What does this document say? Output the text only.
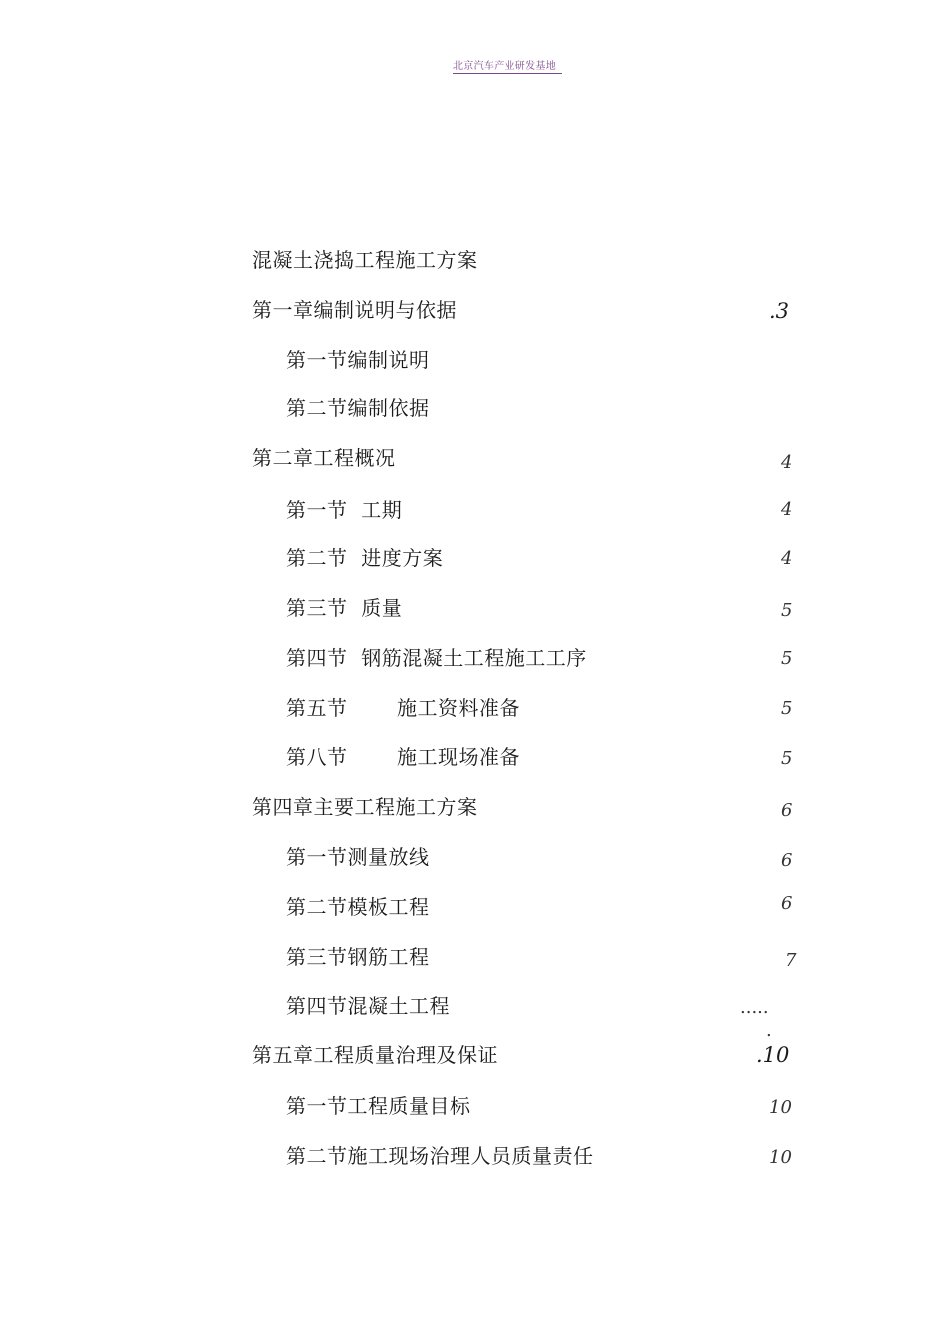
北京汽车产业研发基地
混凝土浇捣工程施工方案
第一章编制说明与依据	.3
第一节编制说明
第二节编制依据
第二章工程概况	4
第一节  工期	4
第二节  进度方案	4
第三节  质量	5
第四节  钢筋混凝土工程施工工序	5
第五节 施工资料准备	5
第八节 施工现场准备	5
第四章主要工程施工方案	6
第一节测量放线	6
第二节模板工程	6
第三节钢筋工程	7
第四节混凝土工程	.....
.
第五章工程质量治理及保证	.10
第一节工程质量目标	10
第二节施工现场治理人员质量责任	10
